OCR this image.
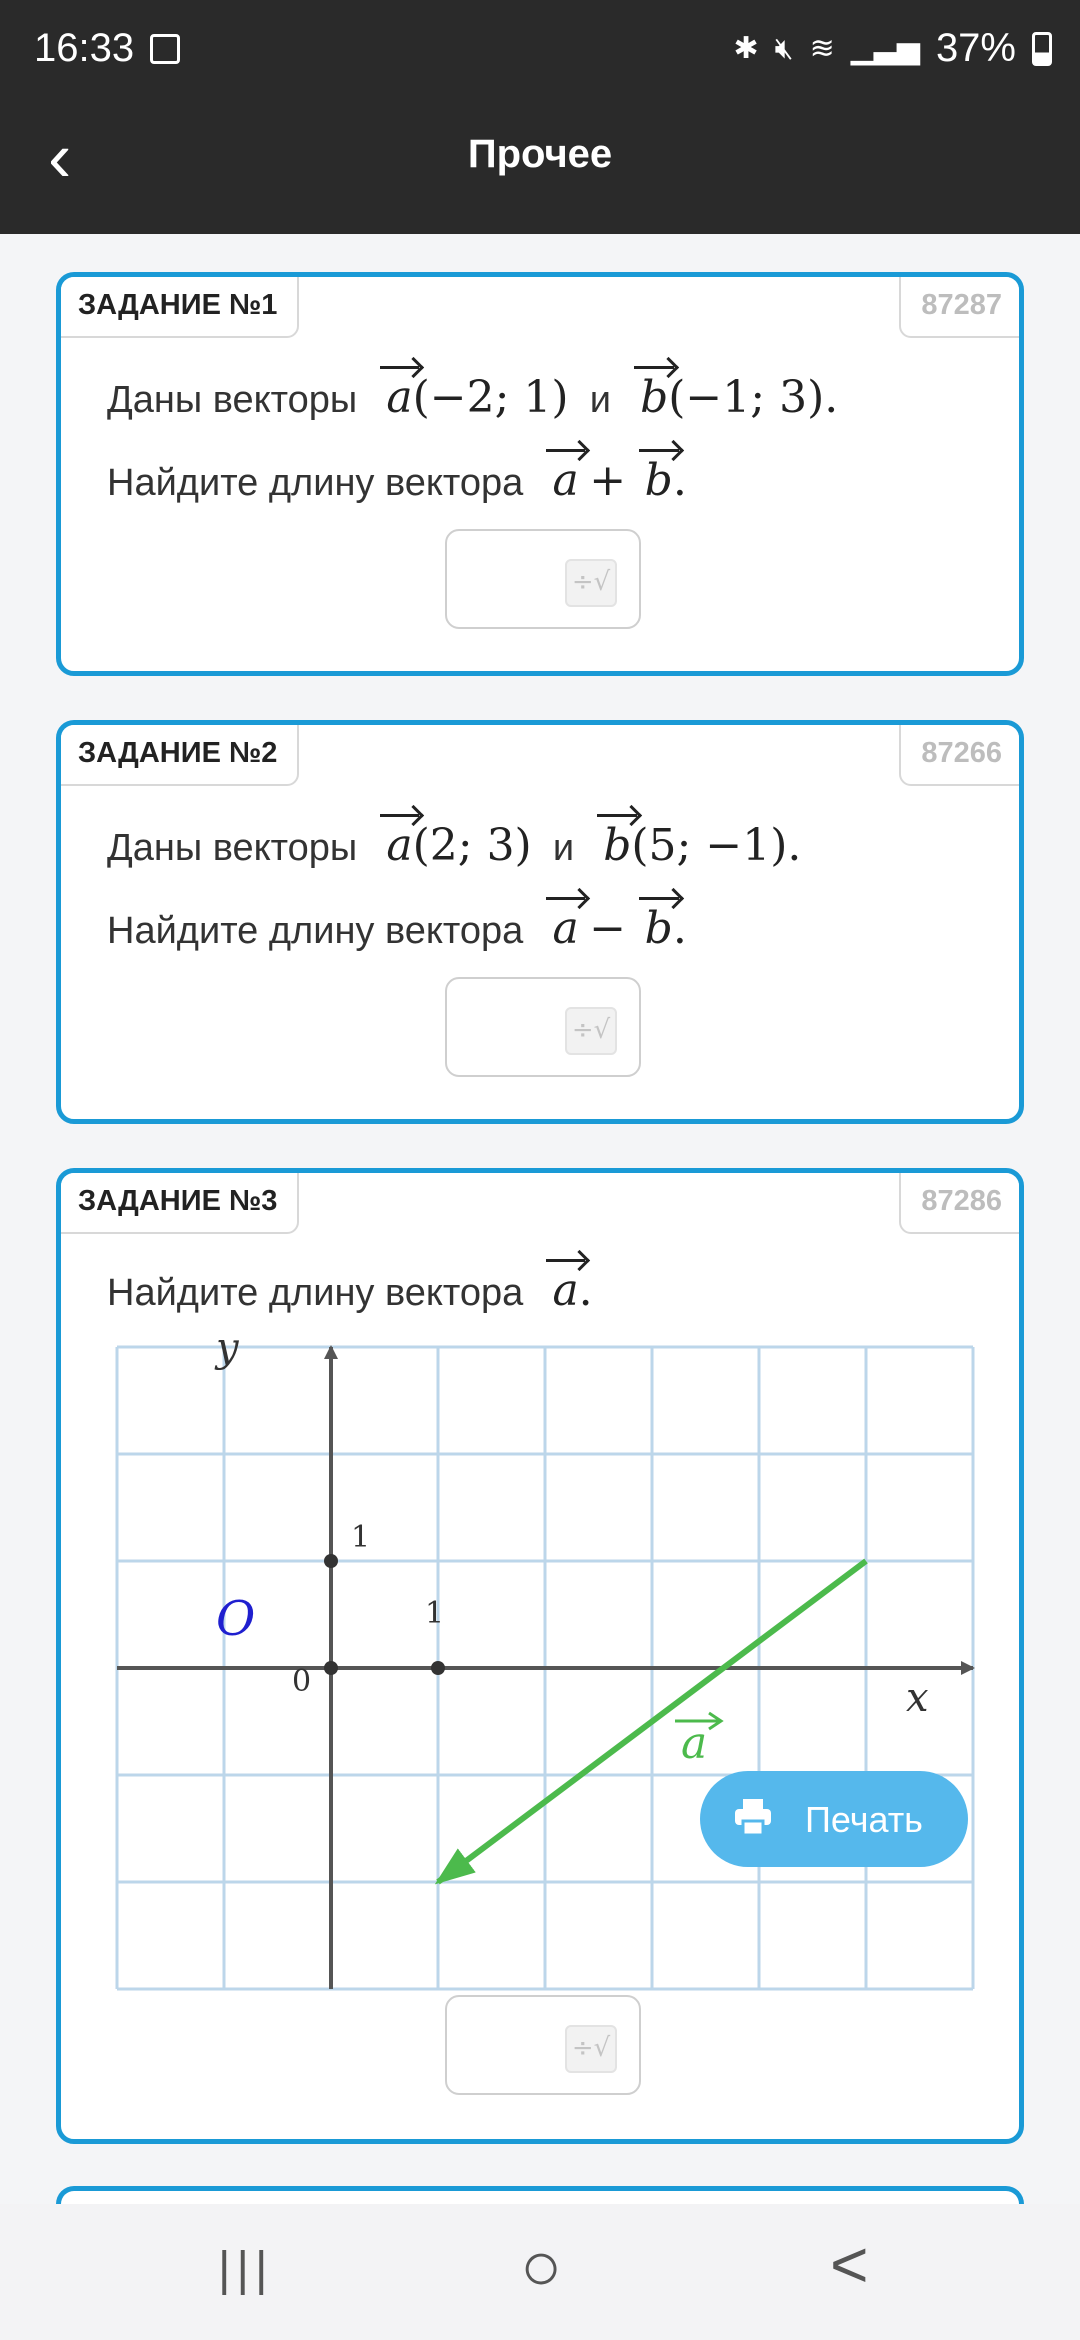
16:33	✱ 🔇︎ ≋ ▁▃▅ 37%
‹	Прочее
ЗАДАНИЕ №1	87287
Даны векторы a(−2; 1) и b(−1; 3).
Найдите длину вектора a + b.
÷√
ЗАДАНИЕ №2	87266
Даны векторы a(2; 3) и b(5; −1).
Найдите длину вектора a − b.
÷√
ЗАДАНИЕ №3	87286
Найдите длину вектора a.
y
x
O
0
1
1
a
÷√
Печать
|||	○	<
